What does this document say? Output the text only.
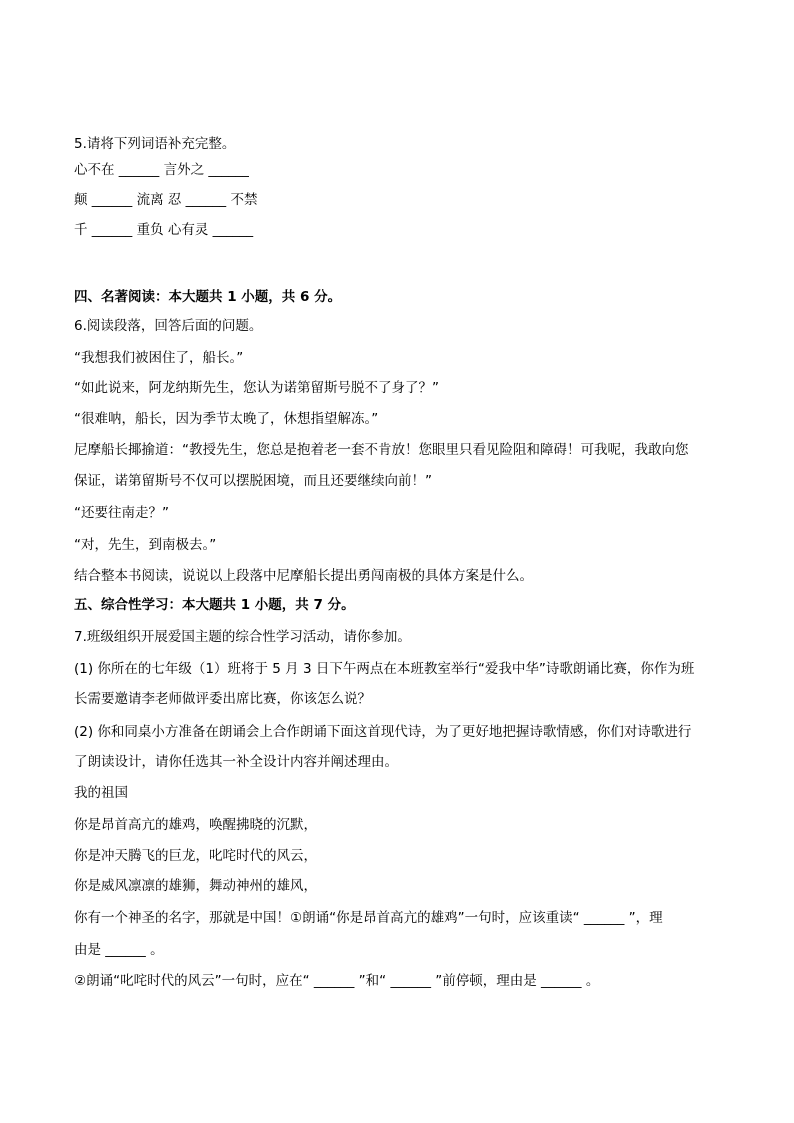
5.请将下列词语补充完整。
心不在 ______ 言外之 ______
颠 ______ 流离 忍 ______ 不禁
千 ______ 重负 心有灵 ______
四、名著阅读：本大题共 1 小题，共 6 分。
6.阅读段落，回答后面的问题。
“我想我们被困住了，船长。”
“如此说来，阿龙纳斯先生，您认为诺第留斯号脱不了身了？”
“很难呐，船长，因为季节太晚了，休想指望解冻。”
尼摩船长揶揄道：“教授先生，您总是抱着老一套不肯放！您眼里只看见险阻和障碍！可我呢，我敢向您
保证，诺第留斯号不仅可以摆脱困境，而且还要继续向前！”
“还要往南走？”
“对，先生，到南极去。”
结合整本书阅读，说说以上段落中尼摩船长提出勇闯南极的具体方案是什么。
五、综合性学习：本大题共 1 小题，共 7 分。
7.班级组织开展爱国主题的综合性学习活动，请你参加。
(1) 你所在的七年级（1）班将于 5 月 3 日下午两点在本班教室举行“爱我中华”诗歌朗诵比赛，你作为班
长需要邀请李老师做评委出席比赛，你该怎么说？
(2) 你和同桌小方准备在朗诵会上合作朗诵下面这首现代诗，为了更好地把握诗歌情感，你们对诗歌进行
了朗读设计，请你任选其一补全设计内容并阐述理由。
我的祖国
你是昂首高亢的雄鸡，唤醒拂晓的沉默，
你是冲天腾飞的巨龙，叱咤时代的风云，
你是威风凛凛的雄狮，舞动神州的雄风，
你有一个神圣的名字，那就是中国！①朗诵“你是昂首高亢的雄鸡”一句时，应该重读“ ______ ”，理
由是 ______ 。
②朗诵“叱咤时代的风云”一句时，应在“ ______ ”和“ ______ ”前停顿，理由是 ______ 。
